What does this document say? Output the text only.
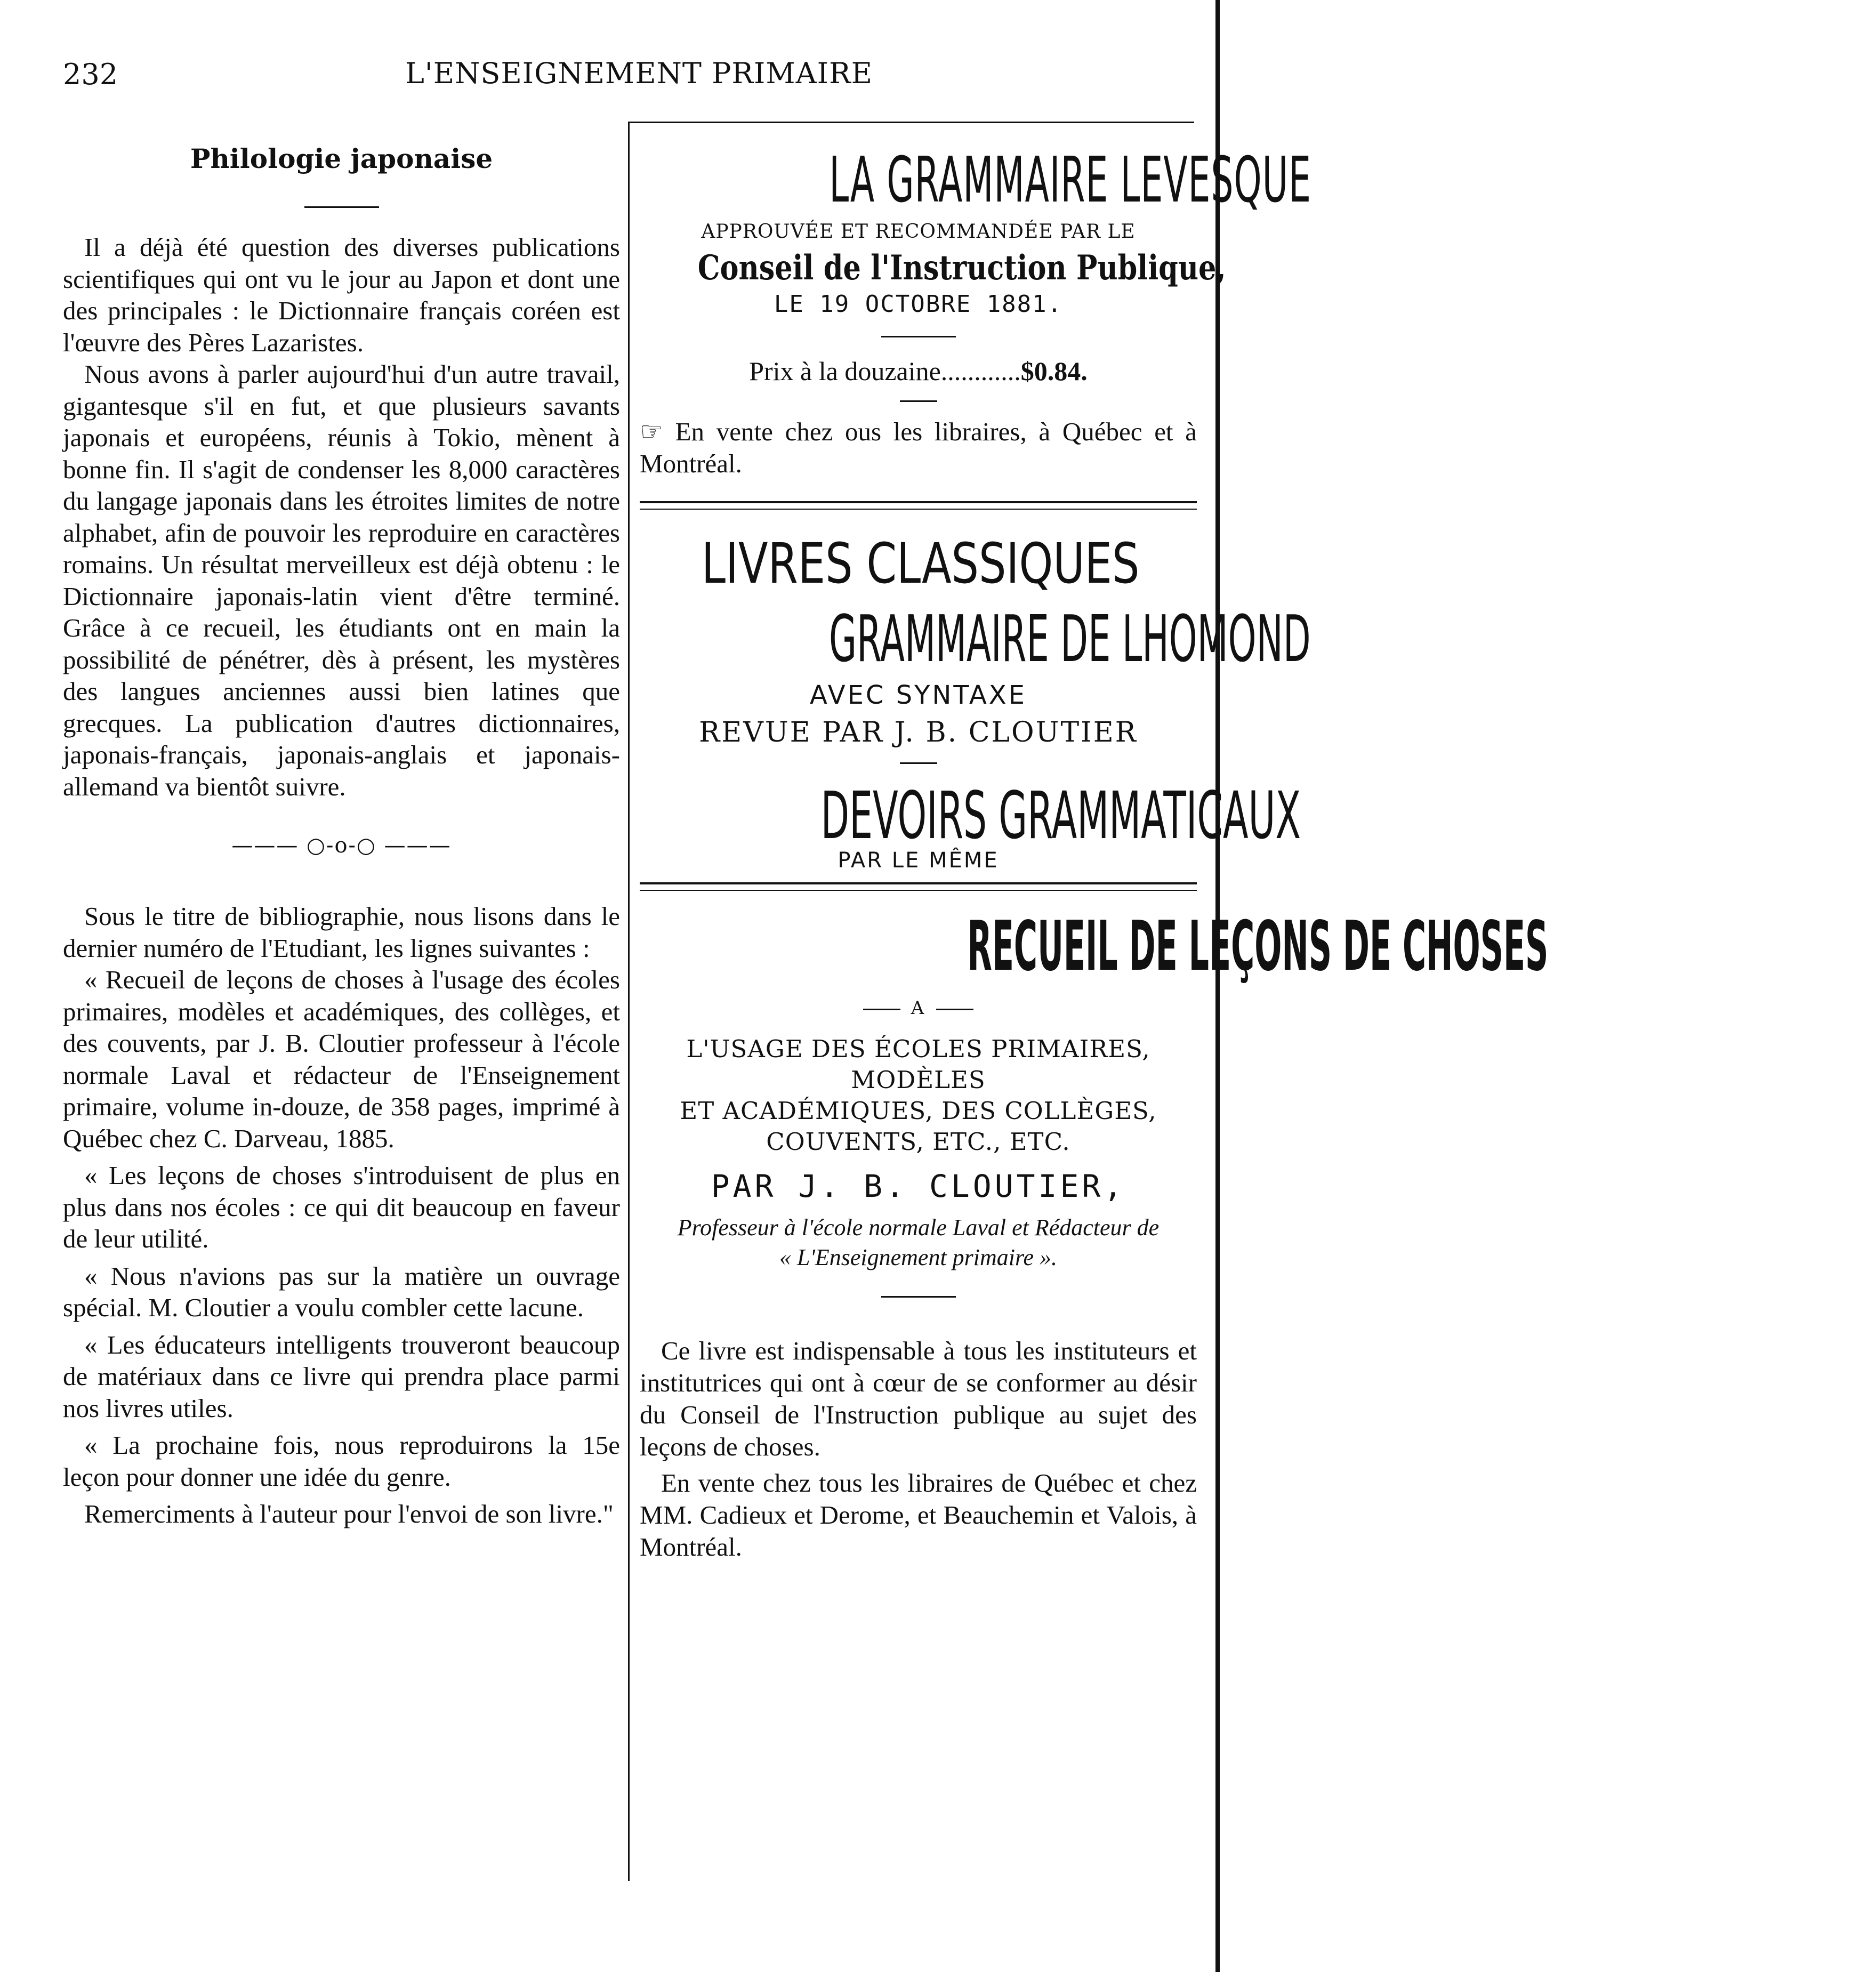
232	L'ENSEIGNEMENT PRIMAIRE
Philologie japonaise

Il a déjà été question des diverses publications scientifiques qui ont vu le jour au Japon et dont une des principales : le Dictionnaire français coréen est l'œuvre des Pères Lazaristes.

Nous avons à parler aujourd'hui d'un autre travail, gigantesque s'il en fut, et que plusieurs savants japonais et européens, réunis à Tokio, mènent à bonne fin. Il s'agit de condenser les 8,000 caractères du langage japonais dans les étroites limites de notre alphabet, afin de pouvoir les reproduire en caractères romains. Un résultat merveilleux est déjà obtenu : le Dictionnaire japonais-latin vient d'être terminé. Grâce à ce recueil, les étudiants ont en main la possibilité de pénétrer, dès à présent, les mystères des langues anciennes aussi bien latines que grecques. La publication d'autres dictionnaires, japonais-français, japonais-anglais et japonais-allemand va bientôt suivre.

——— ○-o-○ ———

Sous le titre de bibliographie, nous lisons dans le dernier numéro de l'Etudiant, les lignes suivantes :

« Recueil de leçons de choses à l'usage des écoles primaires, modèles et académiques, des collèges, et des couvents, par J. B. Cloutier professeur à l'école normale Laval et rédacteur de l'Enseignement primaire, volume in-douze, de 358 pages, imprimé à Québec chez C. Darveau, 1885.

« Les leçons de choses s'introduisent de plus en plus dans nos écoles : ce qui dit beaucoup en faveur de leur utilité.

« Nous n'avions pas sur la matière un ouvrage spécial. M. Cloutier a voulu combler cette lacune.

« Les éducateurs intelligents trouveront beaucoup de matériaux dans ce livre qui prendra place parmi nos livres utiles.

« La prochaine fois, nous reproduirons la 15e leçon pour donner une idée du genre.

Remerciments à l'auteur pour l'envoi de son livre."

LA GRAMMAIRE LEVESQUE
APPROUVÉE ET RECOMMANDÉE PAR LE
Conseil de l'Instruction Publique,
LE 19 OCTOBRE 1881.
Prix à la douzaine............$0.84.

☞ En vente chez ous les libraires, à Québec et à Montréal.

LIVRES CLASSIQUES
GRAMMAIRE DE LHOMOND
AVEC SYNTAXE
REVUE PAR J. B. CLOUTIER
DEVOIRS GRAMMATICAUX
PAR LE MÊME
RECUEIL DE LEÇONS DE CHOSES
A
L'USAGE DES ÉCOLES PRIMAIRES, MODÈLES
ET ACADÉMIQUES, DES COLLÈGES,
COUVENTS, ETC., ETC.
PAR J. B. CLOUTIER,
Professeur à l'école normale Laval et Rédacteur de
« L'Enseignement primaire ».

Ce livre est indispensable à tous les instituteurs et institutrices qui ont à cœur de se conformer au désir du Conseil de l'Instruction publique au sujet des leçons de choses.

En vente chez tous les libraires de Québec et chez MM. Cadieux et Derome, et Beauchemin et Valois, à Montréal.
